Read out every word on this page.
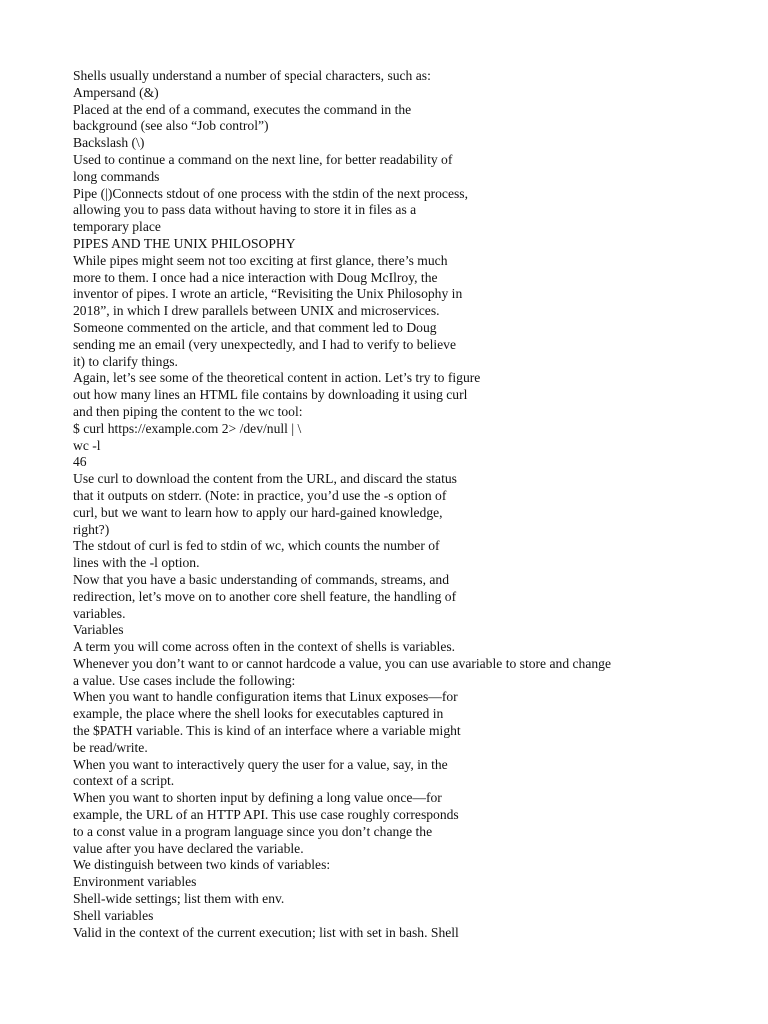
Shells usually understand a number of special characters, such as:
Ampersand (&)
Placed at the end of a command, executes the command in the
background (see also “Job control”)
Backslash (\)
Used to continue a command on the next line, for better readability of
long commands
Pipe (|)Connects stdout of one process with the stdin of the next process,
allowing you to pass data without having to store it in files as a
temporary place
PIPES AND THE UNIX PHILOSOPHY
While pipes might seem not too exciting at first glance, there’s much
more to them. I once had a nice interaction with Doug McIlroy, the
inventor of pipes. I wrote an article, “Revisiting the Unix Philosophy in
2018”, in which I drew parallels between UNIX and microservices.
Someone commented on the article, and that comment led to Doug
sending me an email (very unexpectedly, and I had to verify to believe
it) to clarify things.
Again, let’s see some of the theoretical content in action. Let’s try to figure
out how many lines an HTML file contains by downloading it using curl
and then piping the content to the wc tool:
$ curl https://example.com 2> /dev/null | \
wc -l
46
Use curl to download the content from the URL, and discard the status
that it outputs on stderr. (Note: in practice, you’d use the -s option of
curl, but we want to learn how to apply our hard-gained knowledge,
right?)
The stdout of curl is fed to stdin of wc, which counts the number of
lines with the -l option.
Now that you have a basic understanding of commands, streams, and
redirection, let’s move on to another core shell feature, the handling of
variables.
Variables
A term you will come across often in the context of shells is variables.
Whenever you don’t want to or cannot hardcode a value, you can use avariable to store and change
a value. Use cases include the following:
When you want to handle configuration items that Linux exposes—for
example, the place where the shell looks for executables captured in
the $PATH variable. This is kind of an interface where a variable might
be read/write.
When you want to interactively query the user for a value, say, in the
context of a script.
When you want to shorten input by defining a long value once—for
example, the URL of an HTTP API. This use case roughly corresponds
to a const value in a program language since you don’t change the
value after you have declared the variable.
We distinguish between two kinds of variables:
Environment variables
Shell-wide settings; list them with env.
Shell variables
Valid in the context of the current execution; list with set in bash. Shell
